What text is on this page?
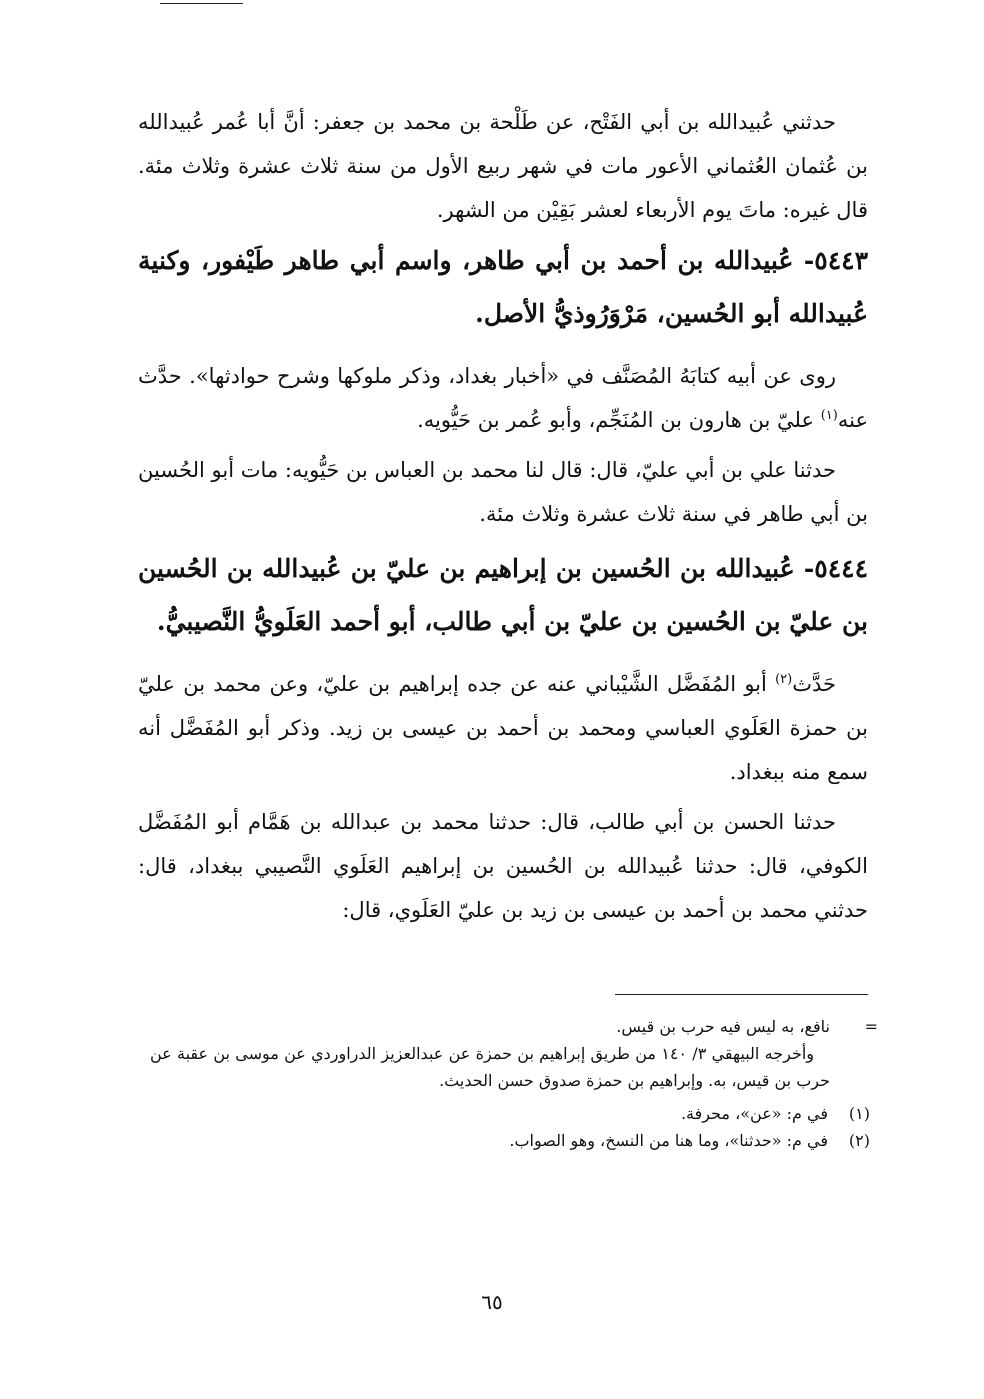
حدثني عُبيدالله بن أبي الفَتْح، عن طَلْحة بن محمد بن جعفر: أنَّ أبا عُمر عُبيدالله بن عُثمان العُثماني الأعور مات في شهر ربيع الأول من سنة ثلاث عشرة وثلاث مئة. قال غيره: ماتَ يوم الأربعاء لعشر بَقِيْن من الشهر.

٥٤٤٣- عُبيدالله بن أحمد بن أبي طاهر، واسم أبي طاهر طَيْفور، وكنية عُبيدالله أبو الحُسين، مَرْوَرُوذيُّ الأصل.

روى عن أبيه كتابَهُ المُصَنَّف في «أخبار بغداد، وذكر ملوكها وشرح حوادثها». حدَّث عنه$^{(١)}$ عليّ بن هارون بن المُنَجِّم، وأبو عُمر بن حَيُّويه.

حدثنا علي بن أبي عليّ، قال: قال لنا محمد بن العباس بن حَيُّويه: مات أبو الحُسين بن أبي طاهر في سنة ثلاث عشرة وثلاث مئة.

٥٤٤٤- عُبيدالله بن الحُسين بن إبراهيم بن عليّ بن عُبيدالله بن الحُسين بن عليّ بن الحُسين بن عليّ بن أبي طالب، أبو أحمد العَلَويُّ النَّصيبيُّ.

حَدَّث$^{(٢)}$ أبو المُفَضَّل الشَّيْباني عنه عن جده إبراهيم بن عليّ، وعن محمد بن عليّ بن حمزة العَلَوي العباسي ومحمد بن أحمد بن عيسى بن زيد. وذكر أبو المُفَضَّل أنه سمع منه ببغداد.

حدثنا الحسن بن أبي طالب، قال: حدثنا محمد بن عبدالله بن هَمَّام أبو المُفَضَّل الكوفي، قال: حدثنا عُبيدالله بن الحُسين بن إبراهيم العَلَوي النَّصيبي ببغداد، قال: حدثني محمد بن أحمد بن عيسى بن زيد بن عليّ العَلَوي، قال:

=

نافع، به ليس فيه حرب بن قيس.

وأخرجه البيهقي ٣/ ١٤٠ من طريق إبراهيم بن حمزة عن عبدالعزيز الدراوردي عن موسى بن عقبة عن حرب بن قيس، به. وإبراهيم بن حمزة صدوق حسن الحديث.

(١)في م: «عن»، محرفة.

(٢)في م: «حدثنا»، وما هنا من النسخ، وهو الصواب.

٦٥
